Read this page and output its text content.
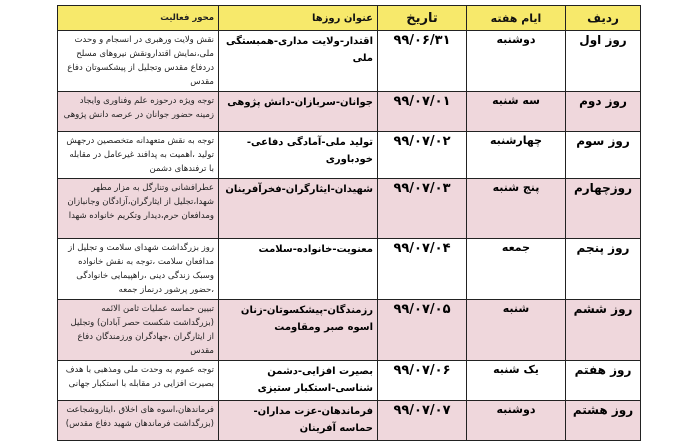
ردیف	ایام هفته	تاریخ	عنوان روزها	محور فعالیت
روز اول	دوشنبه	۹۹/۰۶/۳۱	اقتدار-ولایت مداری-همبستگی ملی	نقش ولایت ورهبری در انسجام و وحدت ملی،نمایش اقتدارونقش نیروهای مسلح دردفاع مقدس وتجلیل از پیشکسوتان دفاع مقدس
روز دوم	سه شنبه	۹۹/۰۷/۰۱	جوانان-سربازان-دانش پژوهی	توجه ویژه درحوزه علم وفناوری وایجاد زمینه حضور جوانان در عرصه دانش پژوهی
روز سوم	چهارشنبه	۹۹/۰۷/۰۲	تولید ملی-آمادگی دفاعی-خودباوری	توجه به نقش متعهدانه متخصصین درجهش تولید ،اهمیت به پدافند غیرعامل در مقابله با ترفندهای دشمن
روزچهارم	پنج شنبه	۹۹/۰۷/۰۳	شهیدان-ایثارگران-فخرآفرینان	عطرافشانی وتنارگل به مزار مطهر شهدا،تجلیل از ایثارگران،آزادگان وجانبازان ومدافعان حرم،دیدار وتکریم خانواده شهدا
روز پنجم	جمعه	۹۹/۰۷/۰۴	معنویت-خانواده-سلامت	روز بزرگداشت شهدای سلامت و تجلیل از مدافعان سلامت ،توجه به نقش خانواده وسبک زندگی دینی ،راهپیمایی خانوادگی ،حضور پرشور درنماز جمعه
روز ششم	شنبه	۹۹/۰۷/۰۵	رزمندگان-پیشکسوتان-زنان اسوه صبر ومقاومت	تبیین حماسه عملیات ثامن الائمه (بزرگداشت شکست حصر آبادان) وتجلیل از ایثارگران ،جهادگران ورزمندگان دفاع مقدس
روز هفتم	یک شنبه	۹۹/۰۷/۰۶	بصیرت افزایی-دشمن شناسی-استکبار ستیزی	توجه عموم به وحدت ملی ومذهبی با هدف بصیرت افزایی در مقابله با استکبار جهانی
روز هشتم	دوشنبه	۹۹/۰۷/۰۷	فرماندهان-عزت مداران-حماسه آفرینان	فرماندهان،اسوه های اخلاق ،ایثاروشجاعت (بزرگداشت فرماندهان شهید دفاع مقدس)
